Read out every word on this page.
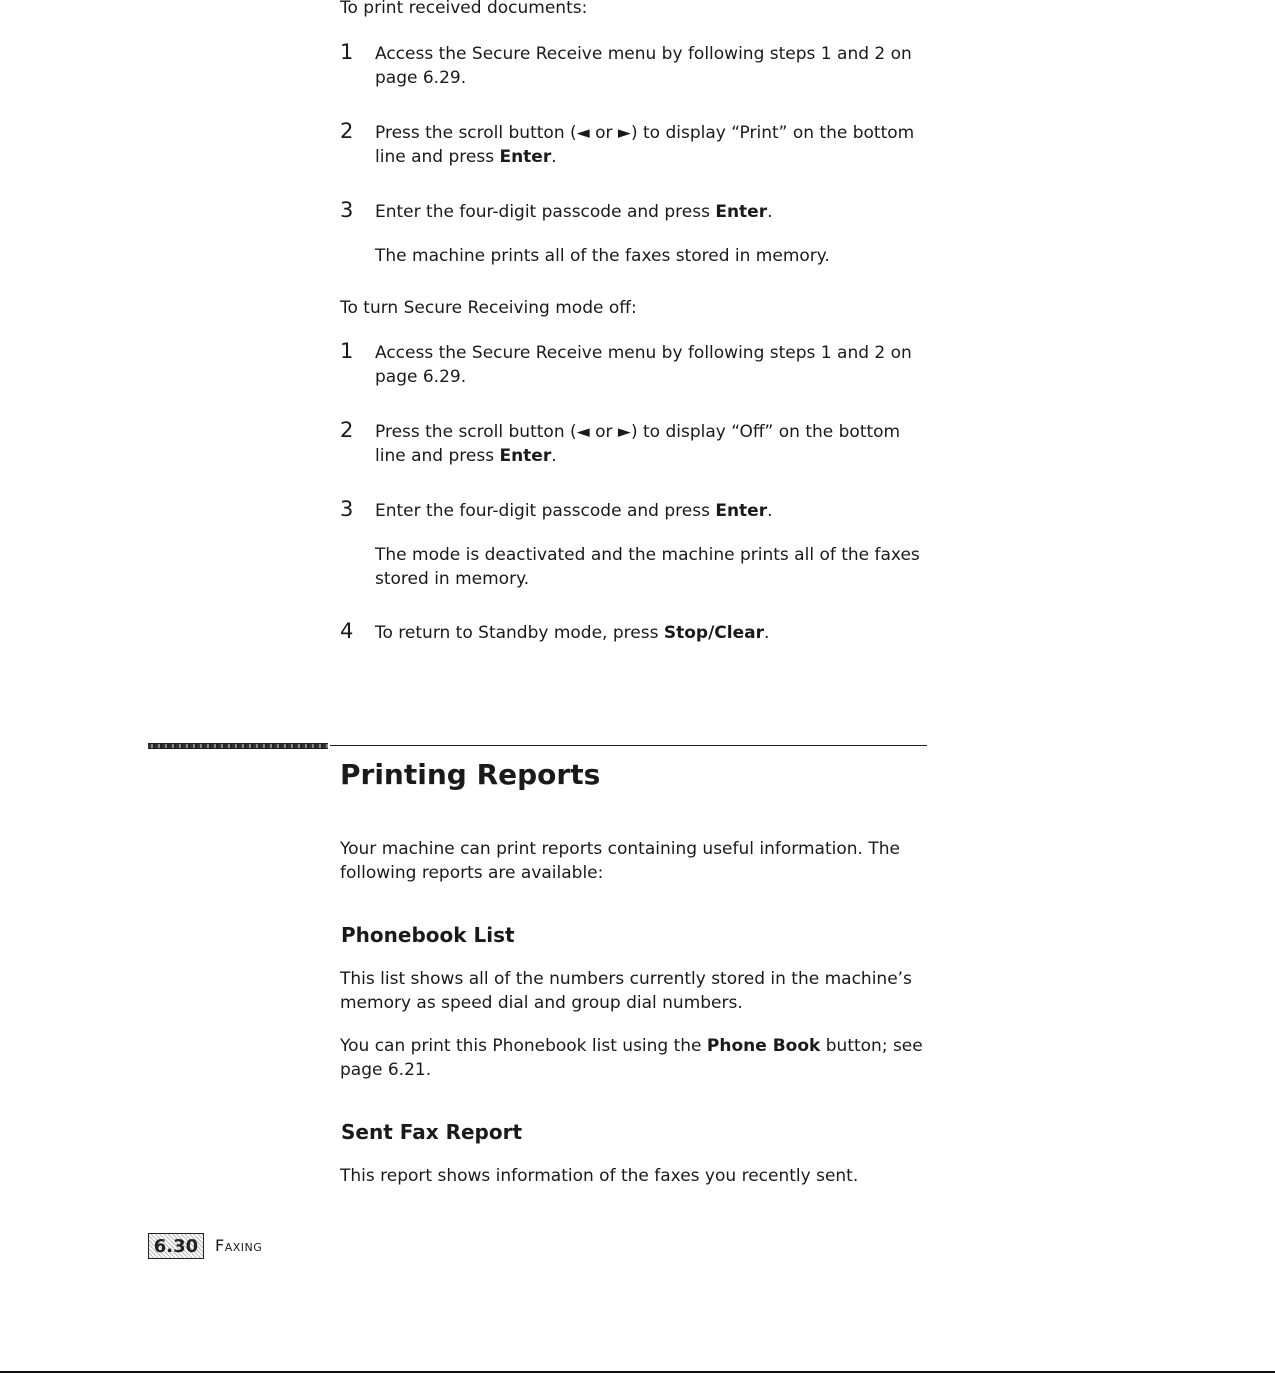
To print received documents:

1 Access the Secure Receive menu by following steps 1 and 2 on page 6.29.
2 Press the scroll button (◄ or ►) to display “Print” on the bottom line and press Enter.
3 Enter the four-digit passcode and press Enter.

The machine prints all of the faxes stored in memory.

To turn Secure Receiving mode off:

1 Access the Secure Receive menu by following steps 1 and 2 on page 6.29.
2 Press the scroll button (◄ or ►) to display “Off” on the bottom line and press Enter.
3 Enter the four-digit passcode and press Enter.

The mode is deactivated and the machine prints all of the faxes stored in memory.

4 To return to Standby mode, press Stop/Clear.
Printing Reports

Your machine can print reports containing useful information. The following reports are available:

Phonebook List

This list shows all of the numbers currently stored in the machine’s memory as speed dial and group dial numbers.

You can print this Phonebook list using the Phone Book button; see page 6.21.

Sent Fax Report

This report shows information of the faxes you recently sent.

6.30	Faxing
